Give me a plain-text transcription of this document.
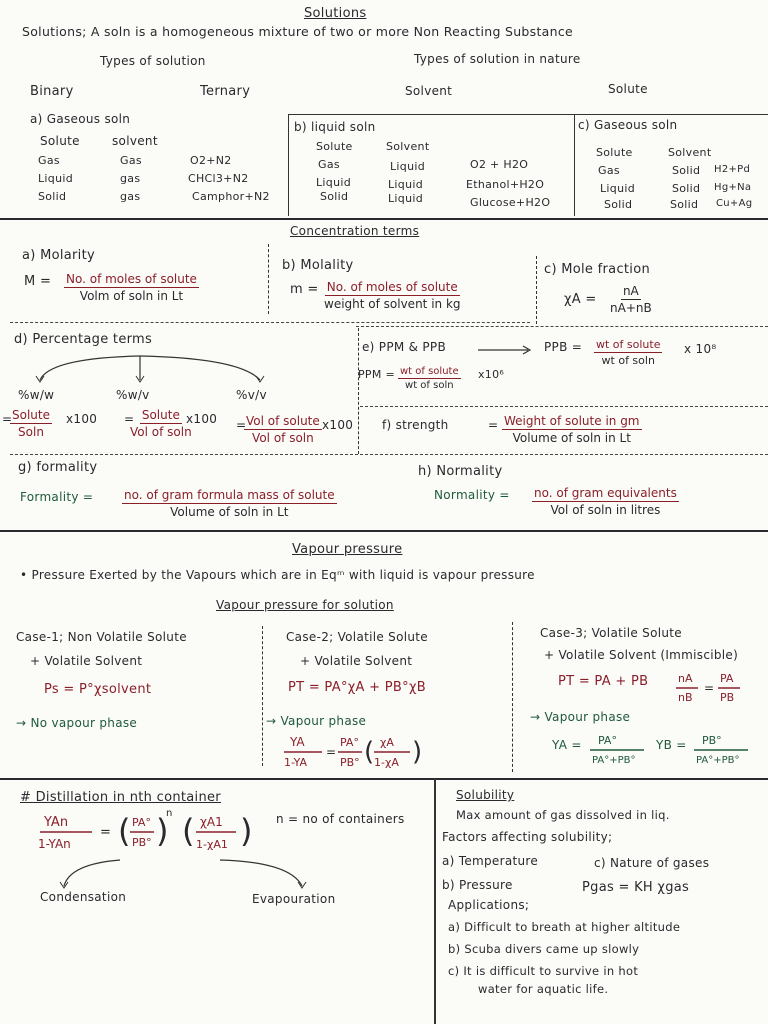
Solutions
Solutions; A soln is a homogeneous mixture of two or more Non Reacting Substance
Types of solution	Types of solution in nature
Binary	Ternary	Solvent	Solute
a) Gaseous soln
Solute	solvent
Gas	Gas	O2+N2
Liquid	gas	CHCl3+N2
Solid	gas	Camphor+N2
b) liquid soln
Solute	Solvent
Gas	Liquid	O2 + H2O
Liquid	Liquid	Ethanol+H2O
Solid	Liquid	Glucose+H2O
c) Gaseous soln
Solute	Solvent
Gas	Solid H2+Pd
Liquid	Solid Hg+Na
Solid	Solid Cu+Ag
Concentration terms
a) Molarity
M = No. of moles of solute
Volm of soln in Lt
b) Molality
m = No. of moles of solute
weight of solvent in kg
c) Mole fraction
$\chi A = \frac{nA}{nA+nB}$
d) Percentage terms
%w/w	%w/v	%v/v
= Solute
Soln
x100 = Solute
Vol of soln
x100 = Vol of solute
Vol of soln
x100
e) PPM & PPB	PPB = wt of solute
wt of soln
x 10⁸
PPM = wt of solute
wt of soln
x10⁶
f) strength	= Weight of solute in gm
Volume of soln in Lt
g) formality
Formality =	no. of gram formula mass of solute
Volume of soln in Lt
h) Normality
Normality = no. of gram equivalents
Vol of soln in litres
Vapour pressure
• Pressure Exerted by the Vapours which are in Eqᵐ with liquid is vapour pressure
Vapour pressure for solution
Case-1; Non Volatile Solute
+ Volatile Solvent
Ps = P°χsolvent
→ No vapour phase
Case-2; Volatile Solute
+ Volatile Solvent
PT = PA°χA + PB°χB
→ Vapour phase
YA
1-YA
=
PA°
PB° ( χA
1-χA )
Case-3; Volatile Solute
+ Volatile Solvent (Immiscible)
PT = PA + PB	nA
nB
=
PA
PB
→ Vapour phase
YA = PA°
PA°+PB°
YB = PB°
PA°+PB°
# Distillation in nth container
YAn
1-YAn
= ( PA°
PB° )
n ( χA1
1-χA1 ) n = no of containers
Condensation	Evapouration
Solubility
Max amount of gas dissolved in liq.
Factors affecting solubility;
a) Temperature	c) Nature of gases
b) Pressure	Pgas = KH χgas
Applications;
a) Difficult to breath at higher altitude
b) Scuba divers came up slowly
c) It is difficult to survive in hot
water for aquatic life.
